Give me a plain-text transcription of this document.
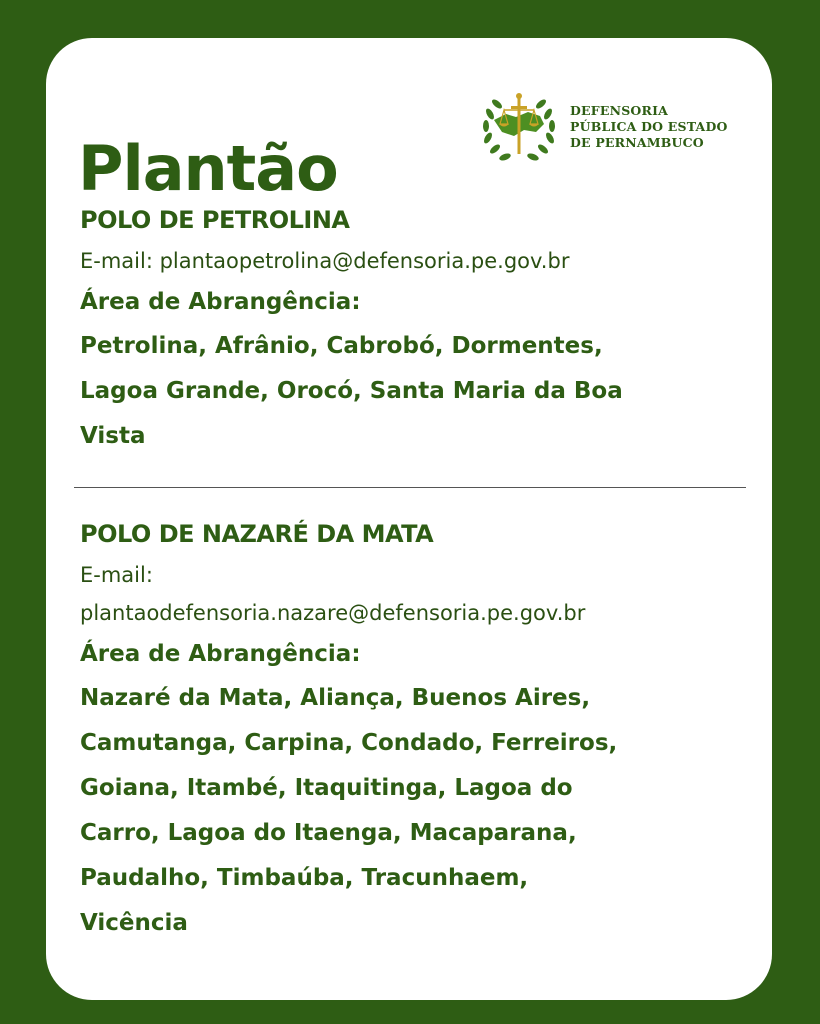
DEFENSORIA
PÚBLICA DO ESTADO
DE PERNAMBUCO
Plantão
POLO DE PETROLINA
E-mail: plantaopetrolina@defensoria.pe.gov.br
Área de Abrangência:
Petrolina, Afrânio, Cabrobó, Dormentes,
Lagoa Grande, Orocó, Santa Maria da Boa
Vista
POLO DE NAZARÉ DA MATA
E-mail:
plantaodefensoria.nazare@defensoria.pe.gov.br
Área de Abrangência:
Nazaré da Mata, Aliança, Buenos Aires,
Camutanga, Carpina, Condado, Ferreiros,
Goiana, Itambé, Itaquitinga, Lagoa do
Carro, Lagoa do Itaenga, Macaparana,
Paudalho, Timbaúba, Tracunhaem,
Vicência
